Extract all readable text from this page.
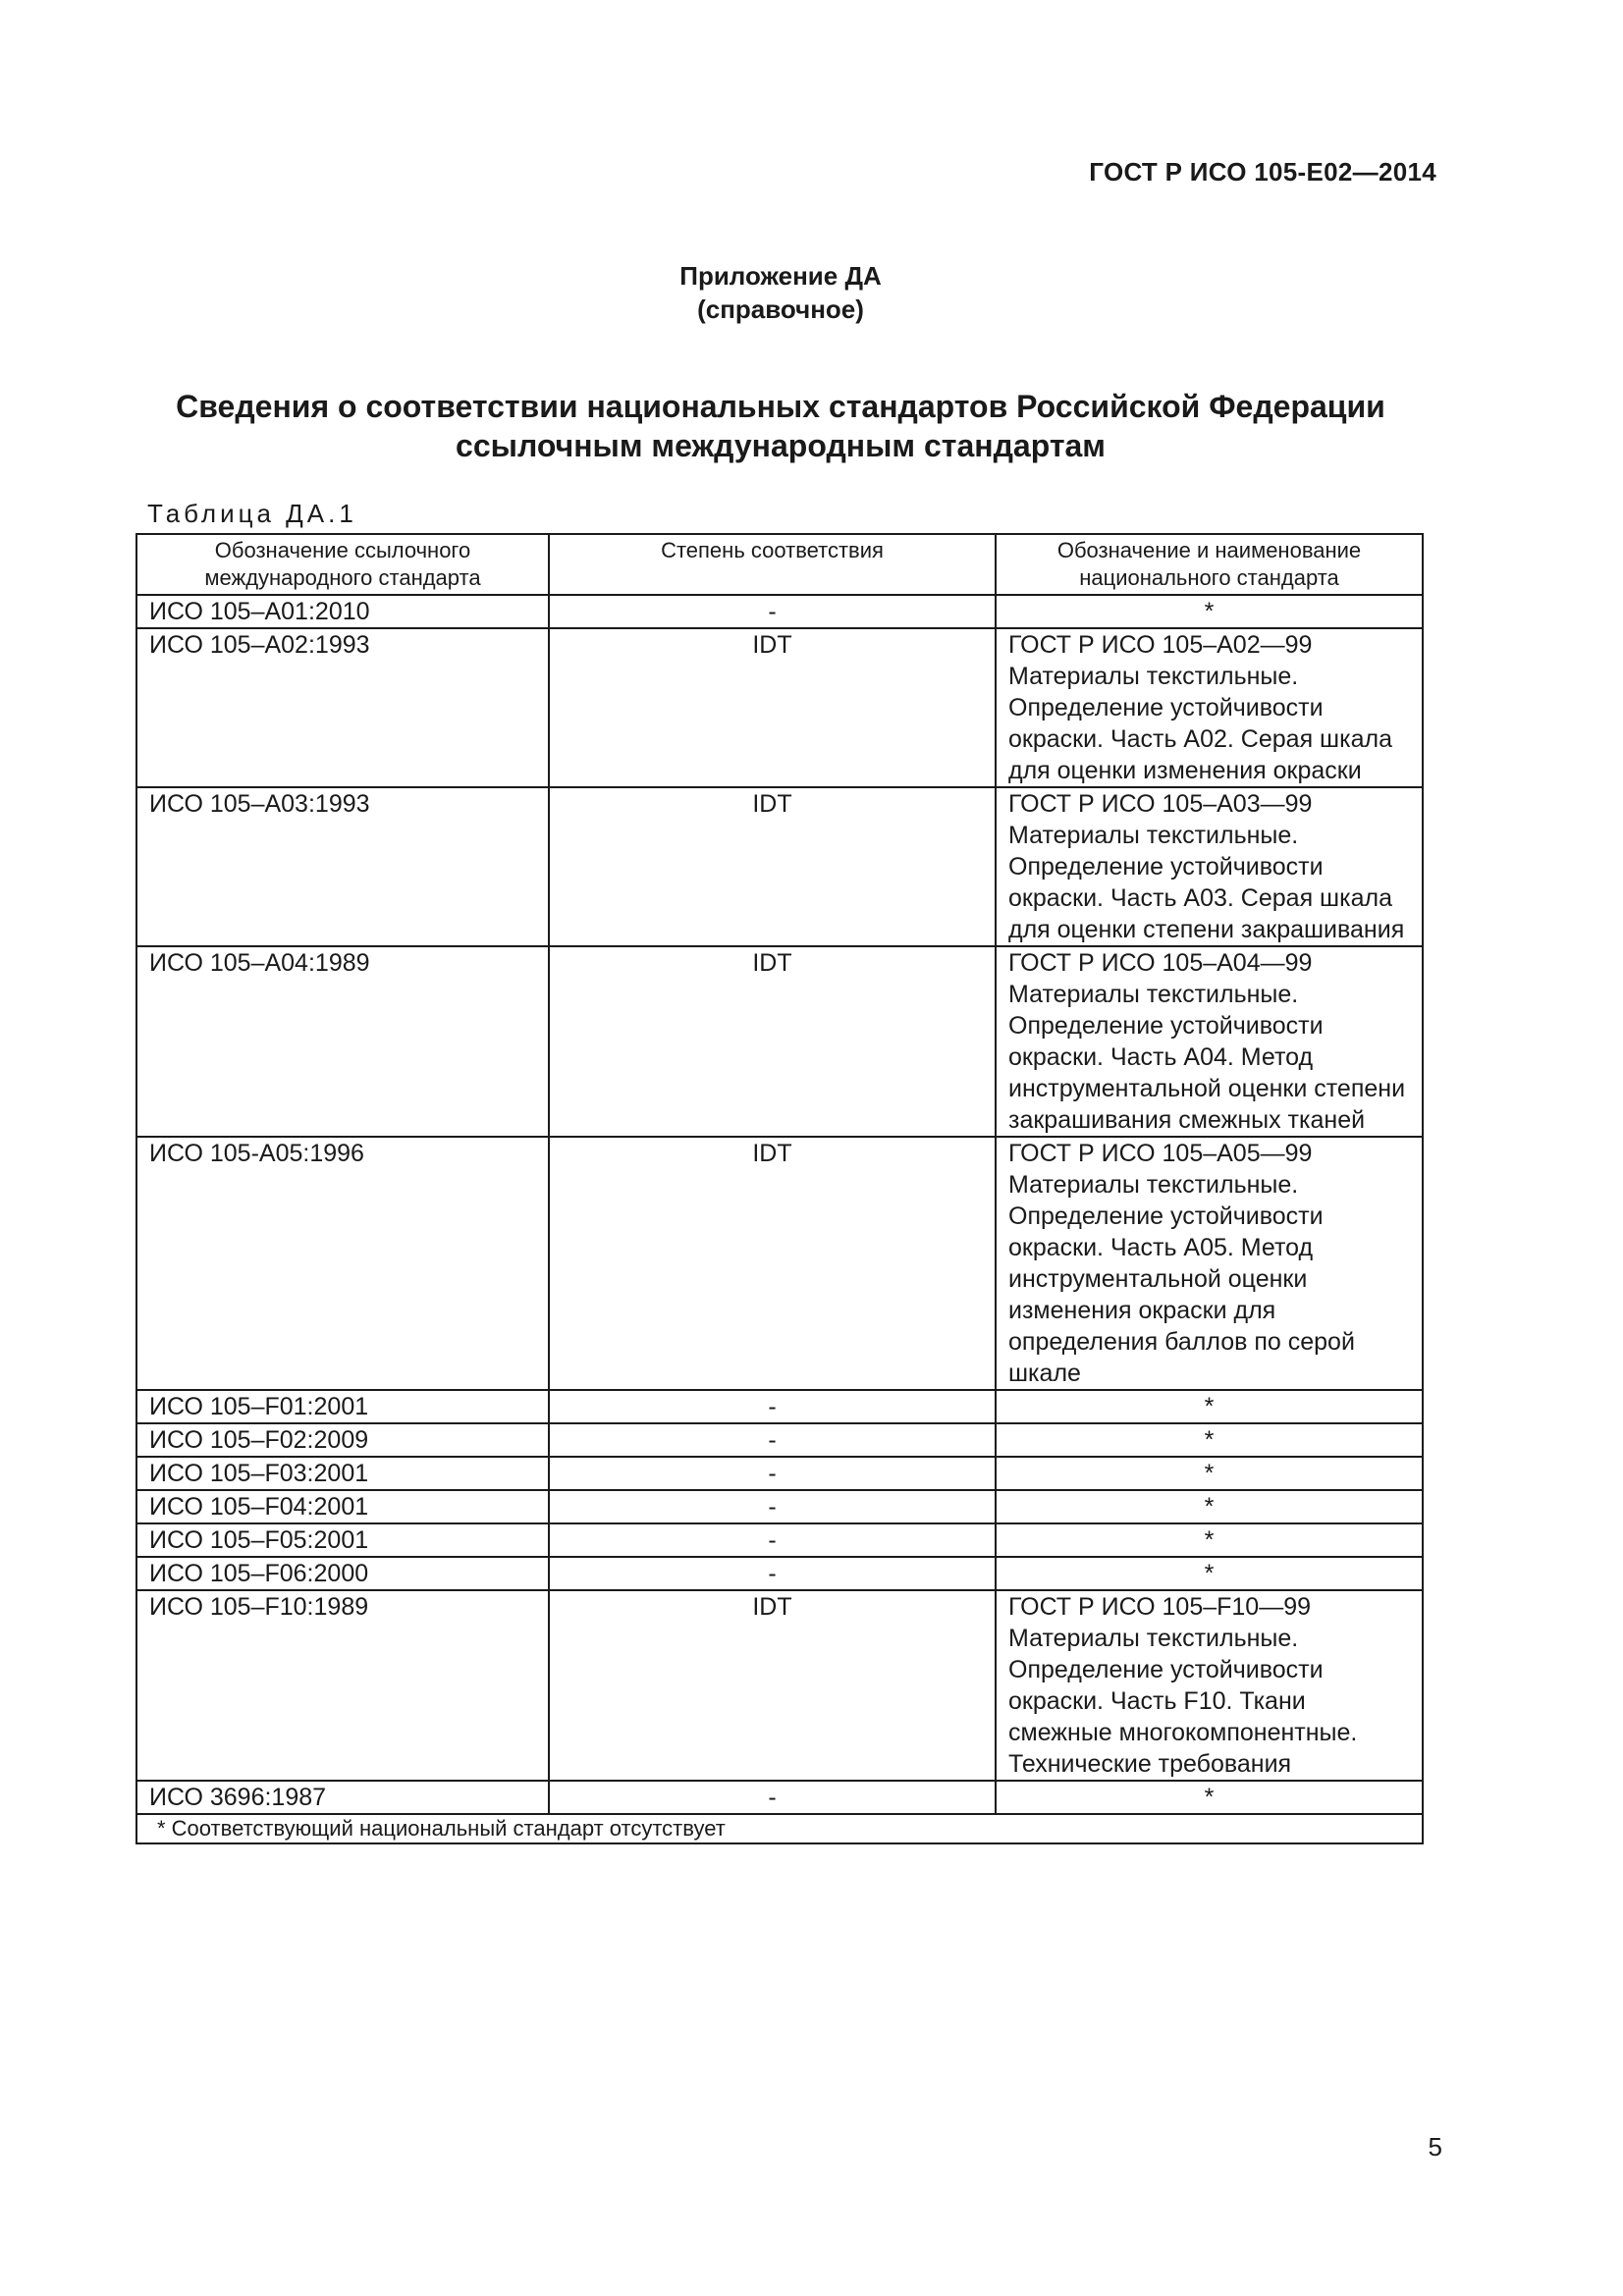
ГОСТ Р ИСО 105-Е02—2014
Приложение ДА
(справочное)
Сведения о соответствии национальных стандартов Российской Федерации
ссылочным международным стандартам
Таблица ДА.1
Обозначение ссылочного международного стандарта	Степень соответствия	Обозначение и наименование национального стандарта
ИСО 105–А01:2010	-	*
ИСО 105–А02:1993	IDT	ГОСТ Р ИСО 105–А02—99 Материалы текстильные. Определение устойчивости окраски. Часть А02. Серая шкала для оценки изменения окраски
ИСО 105–А03:1993	IDT	ГОСТ Р ИСО 105–А03—99 Материалы текстильные. Определение устойчивости окраски. Часть А03. Серая шкала для оценки степени закрашивания
ИСО 105–А04:1989	IDT	ГОСТ Р ИСО 105–А04—99 Материалы текстильные. Определение устойчивости окраски. Часть А04. Метод инструментальной оценки степени закрашивания смежных тканей
ИСО 105-А05:1996	IDT	ГОСТ Р ИСО 105–А05—99 Материалы текстильные. Определение устойчивости окраски. Часть А05. Метод инструментальной оценки изменения окраски для определения баллов по серой шкале
ИСО 105–F01:2001	-	*
ИСО 105–F02:2009	-	*
ИСО 105–F03:2001	-	*
ИСО 105–F04:2001	-	*
ИСО 105–F05:2001	-	*
ИСО 105–F06:2000	-	*
ИСО 105–F10:1989	IDT	ГОСТ Р ИСО 105–F10—99 Материалы текстильные. Определение устойчивости окраски. Часть F10. Ткани смежные многокомпонентные. Технические требования
ИСО 3696:1987	-	*
* Соответствующий национальный стандарт отсутствует		
5
